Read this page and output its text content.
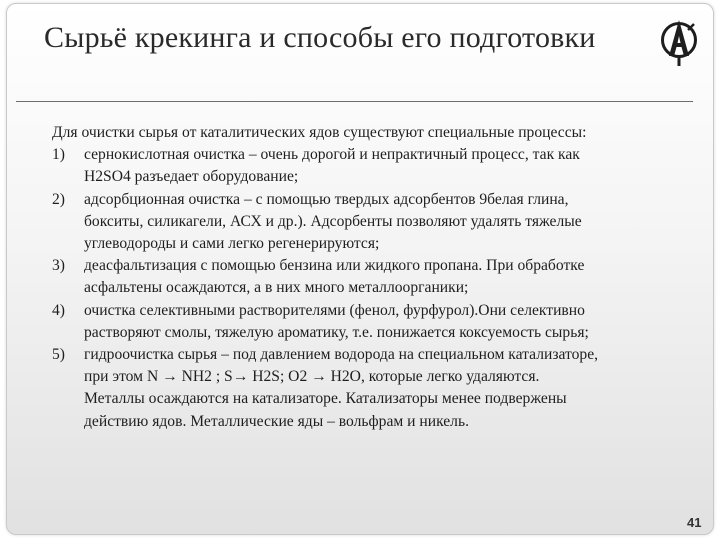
Сырьё крекинга и способы его подготовки

Для очистки сырья от каталитических ядов существуют специальные процессы:

1) сернокислотная очистка – очень дорогой и непрактичный процесс, так как
H2SO4 разъедает оборудование;
2) адсорбционная очистка – с помощью твердых адсорбентов 9белая глина,
бокситы, силикагели, АСХ и др.). Адсорбенты позволяют удалять тяжелые
углеводороды и сами легко регенерируются;
3) деасфальтизация с помощью бензина или жидкого пропана. При обработке
асфальтены осаждаются, а в них много металлоорганики;
4) очистка селективными растворителями (фенол, фурфурол).Они селективно
растворяют смолы, тяжелую ароматику, т.е. понижается коксуемость сырья;
5) гидроочистка сырья – под давлением водорода на специальном катализаторе,
при этом N → NH2 ; S→ H2S; O2 → H2O, которые легко удаляются.
Металлы осаждаются на катализаторе. Катализаторы менее подвержены
действию ядов. Металлические яды – вольфрам и никель.
41
